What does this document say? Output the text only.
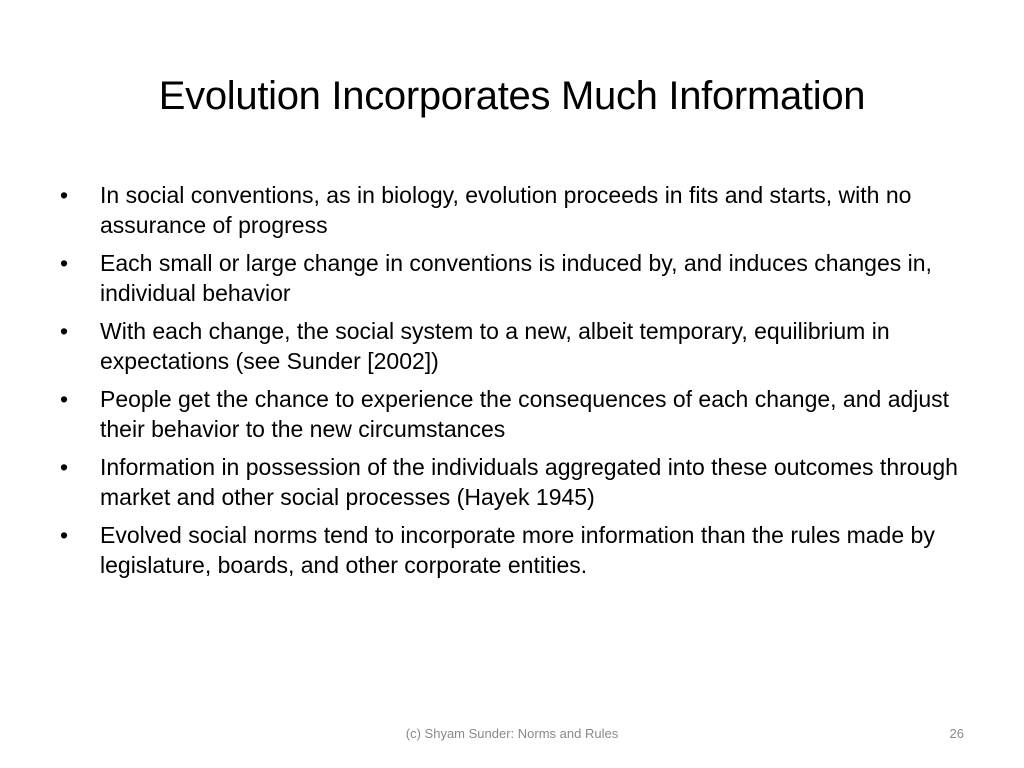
Evolution Incorporates Much Information
•	In social conventions, as in biology, evolution proceeds in fits and starts, with no assurance of progress
•	Each small or large change in conventions is induced by, and induces changes in, individual behavior
•	With each change, the social system to a new, albeit temporary, equilibrium in expectations (see Sunder [2002])
•	People get the chance to experience the consequences of each change, and adjust their behavior to the new circumstances
•	Information in possession of the individuals aggregated into these outcomes through market and other social processes (Hayek 1945)
•	Evolved social norms tend to incorporate more information than the rules made by legislature, boards, and other corporate entities.
(c) Shyam Sunder: Norms and Rules	26
